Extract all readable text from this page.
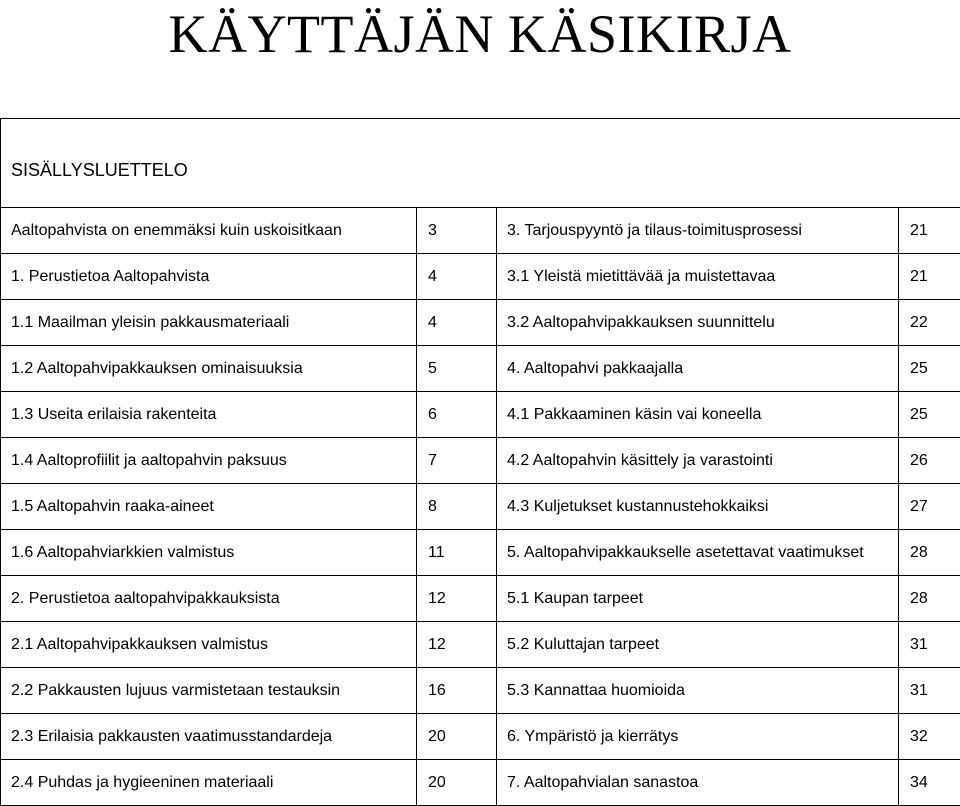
KÄYTTÄJÄN KÄSIKIRJA
SISÄLLYSLUETTELO			
Aaltopahvista on enemmäksi kuin uskoisitkaan	3	3. Tarjouspyyntö ja tilaus-toimitusprosessi	21
1. Perustietoa Aaltopahvista	4	3.1 Yleistä mietittävää ja muistettavaa	21
1.1 Maailman yleisin pakkausmateriaali	4	3.2 Aaltopahvipakkauksen suunnittelu	22
1.2 Aaltopahvipakkauksen ominaisuuksia	5	4. Aaltopahvi pakkaajalla	25
1.3 Useita erilaisia rakenteita	6	4.1 Pakkaaminen käsin vai koneella	25
1.4 Aaltoprofiilit ja aaltopahvin paksuus	7	4.2 Aaltopahvin käsittely ja varastointi	26
1.5 Aaltopahvin raaka-aineet	8	4.3 Kuljetukset kustannustehokkaiksi	27
1.6 Aaltopahviarkkien valmistus	11	5. Aaltopahvipakkaukselle asetettavat vaatimukset	28
2. Perustietoa aaltopahvipakkauksista	12	5.1 Kaupan tarpeet	28
2.1 Aaltopahvipakkauksen valmistus	12	5.2 Kuluttajan tarpeet	31
2.2 Pakkausten lujuus varmistetaan testauksin	16	5.3 Kannattaa huomioida	31
2.3 Erilaisia pakkausten vaatimusstandardeja	20	6. Ympäristö ja kierrätys	32
2.4 Puhdas ja hygieeninen materiaali	20	7. Aaltopahvialan sanastoa	34
